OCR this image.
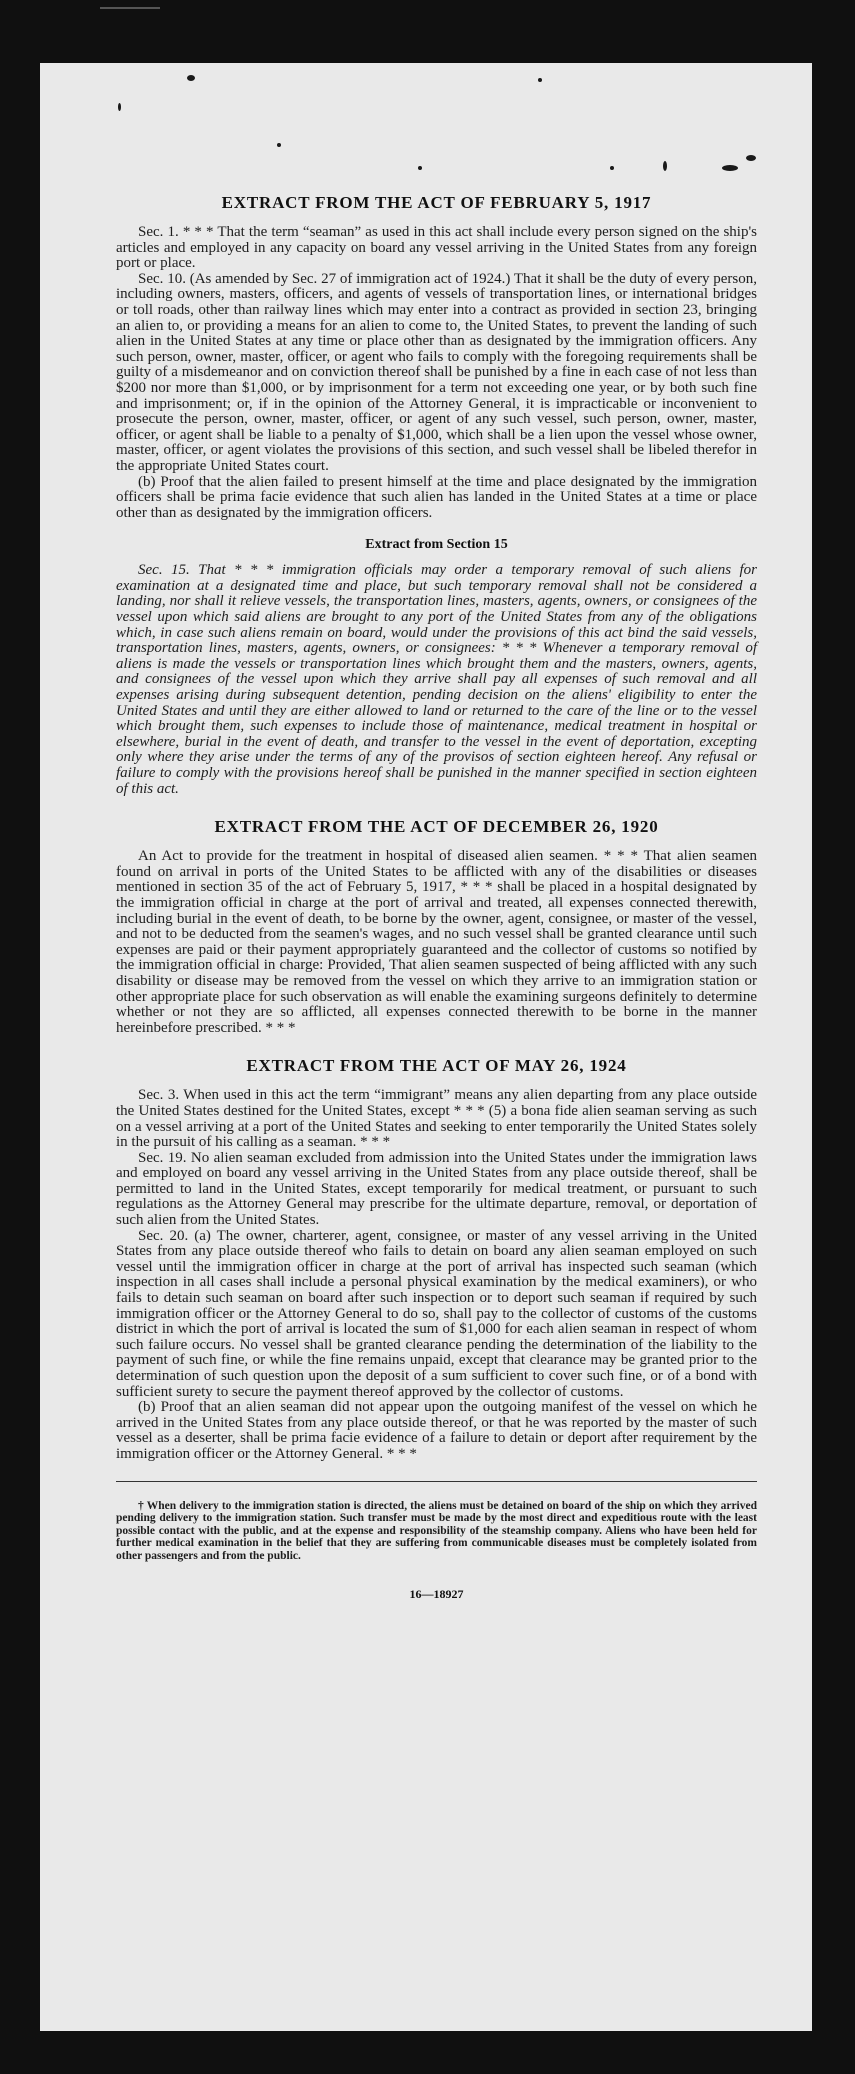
EXTRACT FROM THE ACT OF FEBRUARY 5, 1917

Sec. 1. * * * That the term “seaman” as used in this act shall include every person signed on the ship's articles and employed in any capacity on board any vessel arriving in the United States from any foreign port or place.

Sec. 10. (As amended by Sec. 27 of immigration act of 1924.) That it shall be the duty of every person, including owners, masters, officers, and agents of vessels of transportation lines, or international bridges or toll roads, other than railway lines which may enter into a contract as provided in section 23, bringing an alien to, or providing a means for an alien to come to, the United States, to prevent the landing of such alien in the United States at any time or place other than as designated by the immigration officers. Any such person, owner, master, officer, or agent who fails to comply with the foregoing requirements shall be guilty of a misdemeanor and on conviction thereof shall be punished by a fine in each case of not less than $200 nor more than $1,000, or by imprisonment for a term not exceeding one year, or by both such fine and imprisonment; or, if in the opinion of the Attorney General, it is impracticable or inconvenient to prosecute the person, owner, master, officer, or agent of any such vessel, such person, owner, master, officer, or agent shall be liable to a penalty of $1,000, which shall be a lien upon the vessel whose owner, master, officer, or agent violates the provisions of this section, and such vessel shall be libeled therefor in the appropriate United States court.

(b) Proof that the alien failed to present himself at the time and place designated by the immigration officers shall be prima facie evidence that such alien has landed in the United States at a time or place other than as designated by the immigration officers.

Extract from Section 15

Sec. 15. That * * * immigration officials may order a temporary removal of such aliens for examination at a designated time and place, but such temporary removal shall not be considered a landing, nor shall it relieve vessels, the transportation lines, masters, agents, owners, or consignees of the vessel upon which said aliens are brought to any port of the United States from any of the obligations which, in case such aliens remain on board, would under the provisions of this act bind the said vessels, transportation lines, masters, agents, owners, or consignees: * * * Whenever a temporary removal of aliens is made the vessels or transportation lines which brought them and the masters, owners, agents, and consignees of the vessel upon which they arrive shall pay all expenses of such removal and all expenses arising during subsequent detention, pending decision on the aliens' eligibility to enter the United States and until they are either allowed to land or returned to the care of the line or to the vessel which brought them, such expenses to include those of maintenance, medical treatment in hospital or elsewhere, burial in the event of death, and transfer to the vessel in the event of deportation, excepting only where they arise under the terms of any of the provisos of section eighteen hereof. Any refusal or failure to comply with the provisions hereof shall be punished in the manner specified in section eighteen of this act.

EXTRACT FROM THE ACT OF DECEMBER 26, 1920

An Act to provide for the treatment in hospital of diseased alien seamen. * * * That alien seamen found on arrival in ports of the United States to be afflicted with any of the disabilities or diseases mentioned in section 35 of the act of February 5, 1917, * * * shall be placed in a hospital designated by the immigration official in charge at the port of arrival and treated, all expenses connected therewith, including burial in the event of death, to be borne by the owner, agent, consignee, or master of the vessel, and not to be deducted from the seamen's wages, and no such vessel shall be granted clearance until such expenses are paid or their payment appropriately guaranteed and the collector of customs so notified by the immigration official in charge: Provided, That alien seamen suspected of being afflicted with any such disability or disease may be removed from the vessel on which they arrive to an immigration station or other appropriate place for such observation as will enable the examining surgeons definitely to determine whether or not they are so afflicted, all expenses connected therewith to be borne in the manner hereinbefore prescribed. * * *

EXTRACT FROM THE ACT OF MAY 26, 1924

Sec. 3. When used in this act the term “immigrant” means any alien departing from any place outside the United States destined for the United States, except * * * (5) a bona fide alien seaman serving as such on a vessel arriving at a port of the United States and seeking to enter temporarily the United States solely in the pursuit of his calling as a seaman. * * *

Sec. 19. No alien seaman excluded from admission into the United States under the immigration laws and employed on board any vessel arriving in the United States from any place outside thereof, shall be permitted to land in the United States, except temporarily for medical treatment, or pursuant to such regulations as the Attorney General may prescribe for the ultimate departure, removal, or deportation of such alien from the United States.

Sec. 20. (a) The owner, charterer, agent, consignee, or master of any vessel arriving in the United States from any place outside thereof who fails to detain on board any alien seaman employed on such vessel until the immigration officer in charge at the port of arrival has inspected such seaman (which inspection in all cases shall include a personal physical examination by the medical examiners), or who fails to detain such seaman on board after such inspection or to deport such seaman if required by such immigration officer or the Attorney General to do so, shall pay to the collector of customs of the customs district in which the port of arrival is located the sum of $1,000 for each alien seaman in respect of whom such failure occurs. No vessel shall be granted clearance pending the determination of the liability to the payment of such fine, or while the fine remains unpaid, except that clearance may be granted prior to the determination of such question upon the deposit of a sum sufficient to cover such fine, or of a bond with sufficient surety to secure the payment thereof approved by the collector of customs.

(b) Proof that an alien seaman did not appear upon the outgoing manifest of the vessel on which he arrived in the United States from any place outside thereof, or that he was reported by the master of such vessel as a deserter, shall be prima facie evidence of a failure to detain or deport after requirement by the immigration officer or the Attorney General. * * *

† When delivery to the immigration station is directed, the aliens must be detained on board of the ship on which they arrived pending delivery to the immigration station. Such transfer must be made by the most direct and expeditious route with the least possible contact with the public, and at the expense and responsibility of the steamship company. Aliens who have been held for further medical examination in the belief that they are suffering from communicable diseases must be completely isolated from other passengers and from the public.

16—18927
